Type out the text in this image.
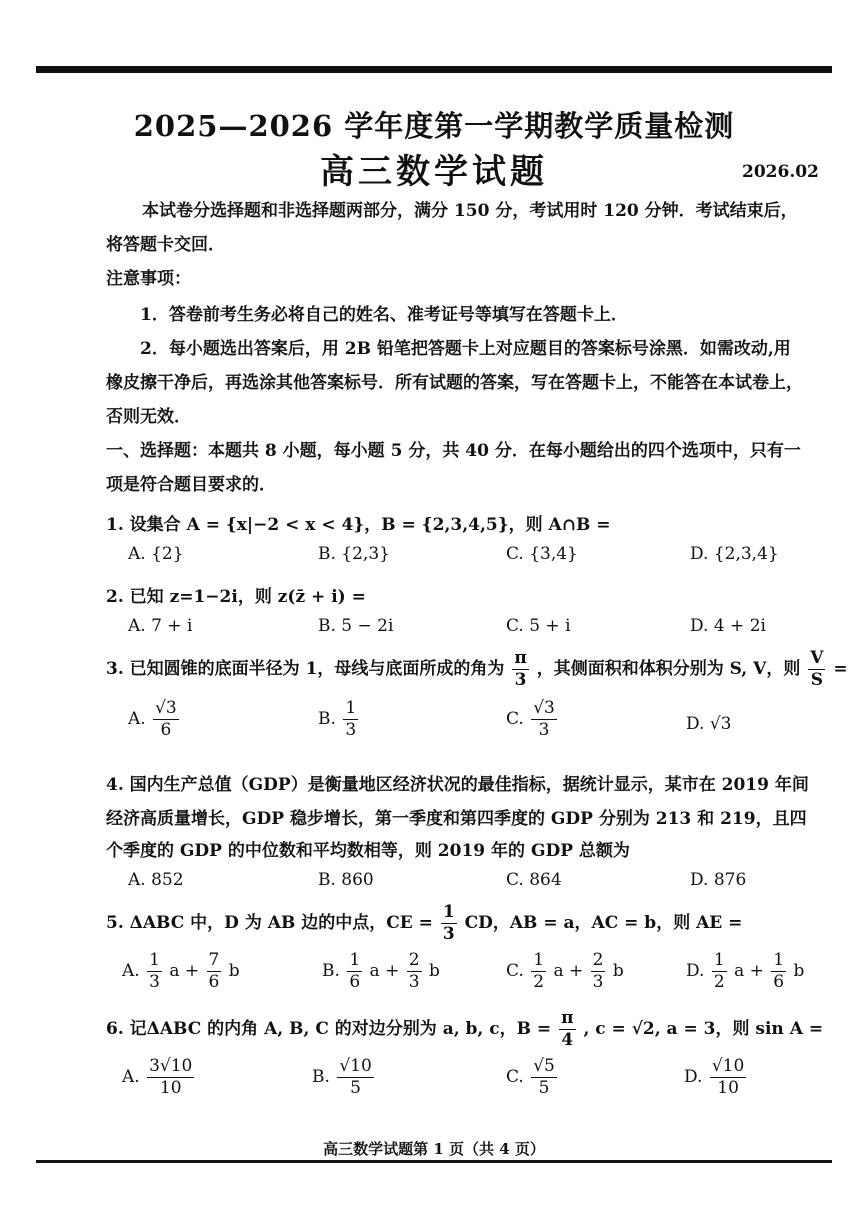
2025—2026 学年度第一学期教学质量检测
高三数学试题	2026.02
本试卷分选择题和非选择题两部分，满分 150 分，考试用时 120 分钟．考试结束后，将答题卡交回．
注意事项：
1．答卷前考生务必将自己的姓名、准考证号等填写在答题卡上．
2．每小题选出答案后，用 2B 铅笔把答题卡上对应题目的答案标号涂黑．如需改动,用橡皮擦干净后，再选涂其他答案标号．所有试题的答案，写在答题卡上，不能答在本试卷上，否则无效．
一、选择题：本题共 8 小题，每小题 5 分，共 40 分．在每小题给出的四个选项中，只有一项是符合题目要求的．
1. 设集合 A = {x|−2 < x < 4}，B = {2,3,4,5}，则 A∩B =
A. {2}	B. {2,3}	C. {3,4}	D. {2,3,4}
2. 已知 z=1−2i，则 z(z̄ + i) =
A. 7 + i	B. 5 − 2i	C. 5 + i	D. 4 + 2i
3. 已知圆锥的底面半径为 1，母线与底面所成的角为 $\frac{\pi}{3}$ ，其侧面积和体积分别为 S, V，则 $\frac{V}{S}$ =
A. $\frac{√3}{6}$	B. $\frac{1}{3}$	C. $\frac{√3}{3}$	D. √3
4. 国内生产总值（GDP）是衡量地区经济状况的最佳指标，据统计显示，某市在 2019 年间
经济高质量增长，GDP 稳步增长，第一季度和第四季度的 GDP 分别为 213 和 219，且四
个季度的 GDP 的中位数和平均数相等，则 2019 年的 GDP 总额为
A. 852	B. 860	C. 864	D. 876
5. ΔABC 中，D 为 AB 边的中点，CE = $\frac{1}{3}$ CD，AB = a，AC = b，则 AE =
A. $\frac{1}{3}$ $a + \frac{7}{6}$ b	B. $\frac{1}{6}$ $a + \frac{2}{3}$ b	C. $\frac{1}{2}$ $a + \frac{2}{3}$ b	D. $\frac{1}{2}$ $a + \frac{1}{6}$ b
6. 记ΔABC 的内角 A, B, C 的对边分别为 a, b, c，$B = \frac{\pi}{4}$ , c = √2, a = 3，则 sin A =
A. $\frac{3√10}{10}$	B. $\frac{√10}{5}$	C. $\frac{√5}{5}$	D. $\frac{√10}{10}$
高三数学试题第 1 页（共 4 页）
